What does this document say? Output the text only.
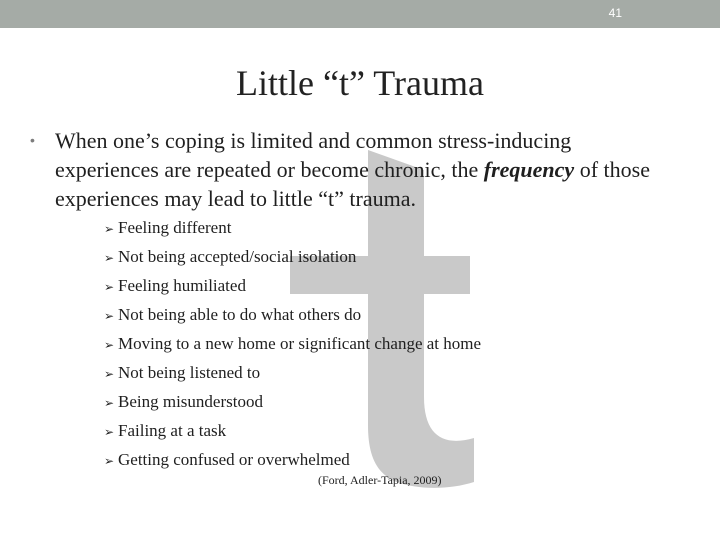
41
Little “t” Trauma
• When one’s coping is limited and common stress-inducing experiences are repeated or become chronic, the frequency of those experiences may lead to little “t” trauma.
➢ Feeling different
➢ Not being accepted/social isolation
➢ Feeling humiliated
➢ Not being able to do what others do
➢ Moving to a new home or significant change at home
➢ Not being listened to
➢ Being misunderstood
➢ Failing at a task
➢ Getting confused or overwhelmed
(Ford, Adler-Tapia, 2009)
